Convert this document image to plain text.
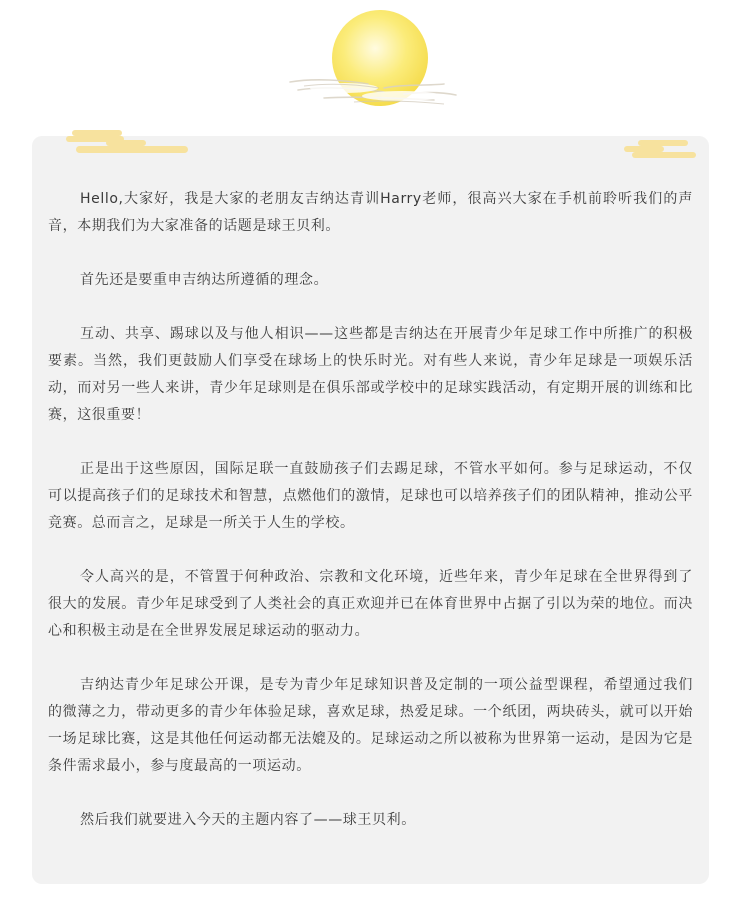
Hello,大家好，我是大家的老朋友吉纳达青训Harry老师，很高兴大家在手机前聆听我们的声音，本期我们为大家准备的话题是球王贝利。

首先还是要重申吉纳达所遵循的理念。

互动、共享、踢球以及与他人相识——这些都是吉纳达在开展青少年足球工作中所推广的积极要素。当然，我们更鼓励人们享受在球场上的快乐时光。对有些人来说，青少年足球是一项娱乐活动，而对另一些人来讲，青少年足球则是在俱乐部或学校中的足球实践活动，有定期开展的训练和比赛，这很重要！

正是出于这些原因，国际足联一直鼓励孩子们去踢足球，不管水平如何。参与足球运动，不仅可以提高孩子们的足球技术和智慧，点燃他们的激情，足球也可以培养孩子们的团队精神，推动公平竞赛。总而言之，足球是一所关于人生的学校。

令人高兴的是，不管置于何种政治、宗教和文化环境，近些年来，青少年足球在全世界得到了很大的发展。青少年足球受到了人类社会的真正欢迎并已在体育世界中占据了引以为荣的地位。而决心和积极主动是在全世界发展足球运动的驱动力。

吉纳达青少年足球公开课，是专为青少年足球知识普及定制的一项公益型课程，希望通过我们的微薄之力，带动更多的青少年体验足球，喜欢足球，热爱足球。一个纸团，两块砖头，就可以开始一场足球比赛，这是其他任何运动都无法媲及的。足球运动之所以被称为世界第一运动，是因为它是条件需求最小，参与度最高的一项运动。

然后我们就要进入今天的主题内容了——球王贝利。
